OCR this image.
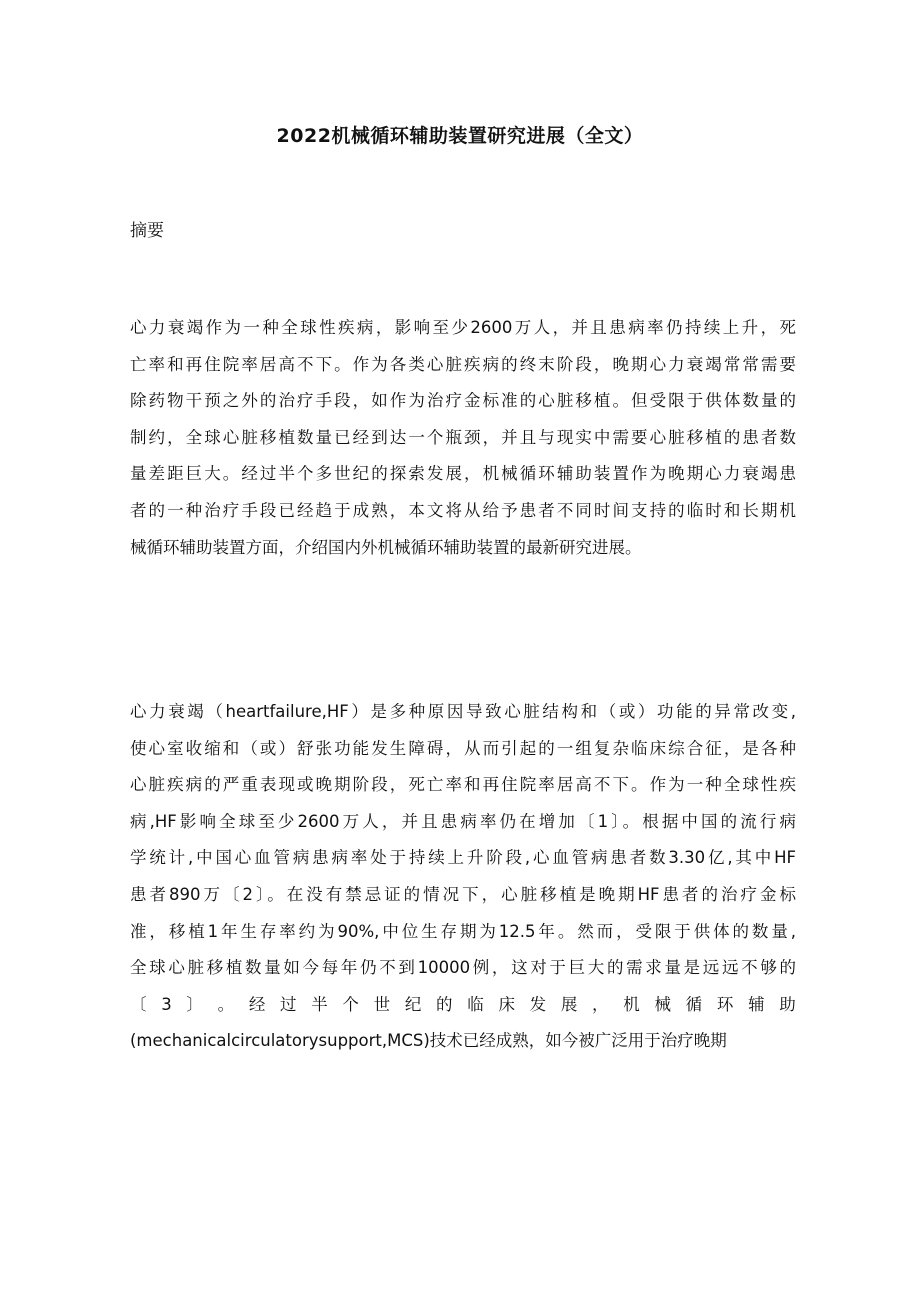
2022机械循环辅助装置研究进展（全文）
摘要
心力衰竭作为一种全球性疾病，影响至少2600万人，并且患病率仍持续上升，死
亡率和再住院率居高不下。作为各类心脏疾病的终末阶段，晚期心力衰竭常常需要
除药物干预之外的治疗手段，如作为治疗金标准的心脏移植。但受限于供体数量的
制约，全球心脏移植数量已经到达一个瓶颈，并且与现实中需要心脏移植的患者数
量差距巨大。经过半个多世纪的探索发展，机械循环辅助装置作为晚期心力衰竭患
者的一种治疗手段已经趋于成熟，本文将从给予患者不同时间支持的临时和长期机
械循环辅助装置方面，介绍国内外机械循环辅助装置的最新研究进展。
心力衰竭（heartfailure,HF）是多种原因导致心脏结构和（或）功能的异常改变,
使心室收缩和（或）舒张功能发生障碍，从而引起的一组复杂临床综合征，是各种
心脏疾病的严重表现或晚期阶段，死亡率和再住院率居高不下。作为一种全球性疾
病,HF影响全球至少2600万人，并且患病率仍在增加〔1〕。根据中国的流行病
学统计,中国心血管病患病率处于持续上升阶段,心血管病患者数3.30亿,其中HF
患者890万〔2〕。在没有禁忌证的情况下，心脏移植是晚期HF患者的治疗金标
准，移植1年生存率约为90%,中位生存期为12.5年。然而，受限于供体的数量,
全球心脏移植数量如今每年仍不到10000例，这对于巨大的需求量是远远不够的
〔 3 〕 。 经 过 半 个 世 纪 的 临 床 发 展 ， 机 械 循 环 辅 助
(mechanicalcirculatorysupport,MCS)技术已经成熟，如今被广泛用于治疗晚期
